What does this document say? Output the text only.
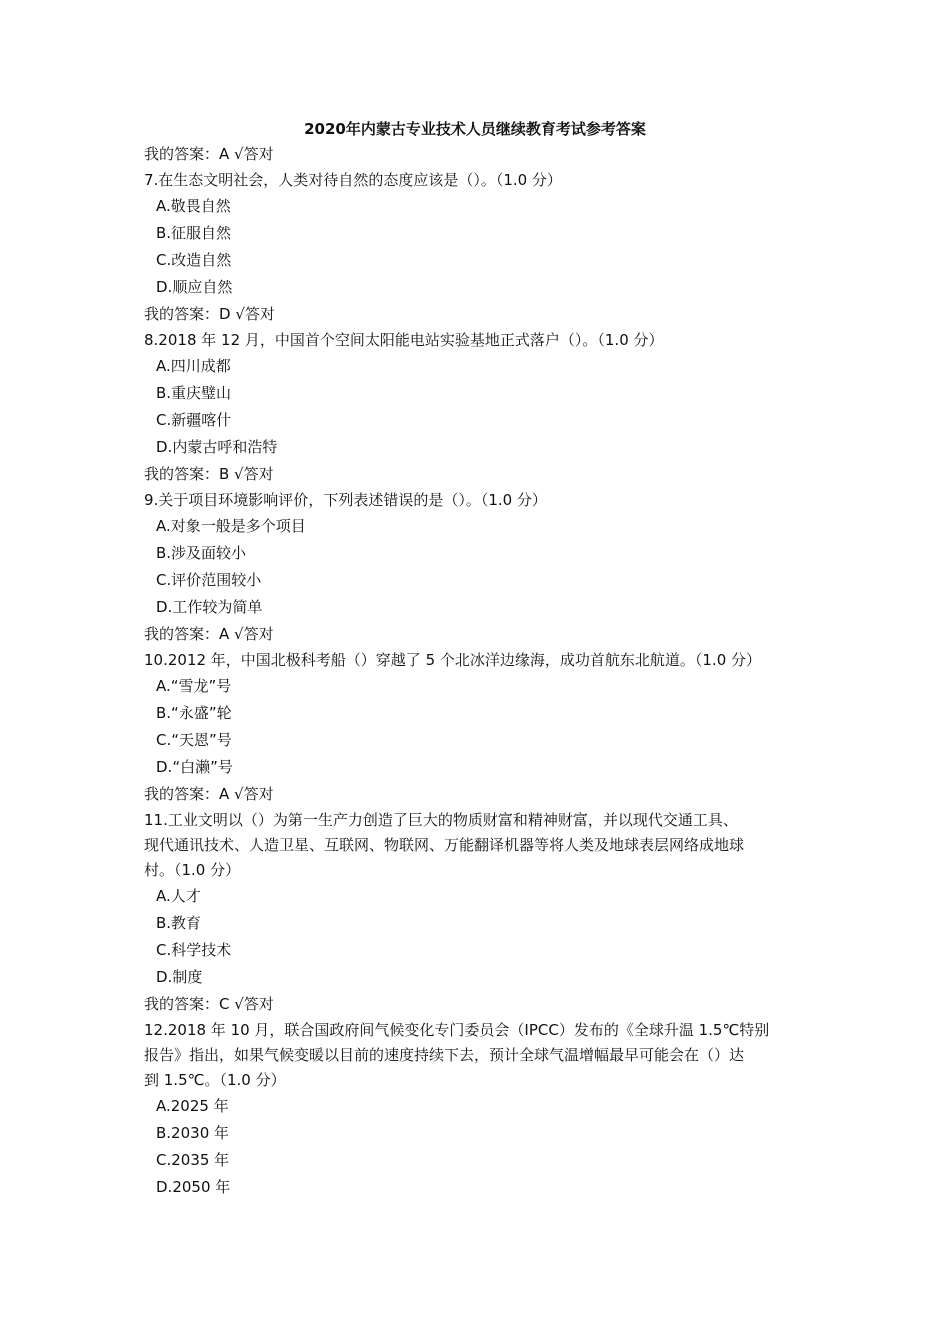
2020年内蒙古专业技术人员继续教育考试参考答案
我的答案：A √答对
7.在生态文明社会，人类对待自然的态度应该是（）。（1.0 分）
A.敬畏自然
B.征服自然
C.改造自然
D.顺应自然
我的答案：D √答对
8.2018 年 12 月，中国首个空间太阳能电站实验基地正式落户（）。（1.0 分）
A.四川成都
B.重庆璧山
C.新疆喀什
D.内蒙古呼和浩特
我的答案：B √答对
9.关于项目环境影响评价，下列表述错误的是（）。（1.0 分）
A.对象一般是多个项目
B.涉及面较小
C.评价范围较小
D.工作较为简单
我的答案：A √答对
10.2012 年，中国北极科考船（）穿越了 5 个北冰洋边缘海，成功首航东北航道。（1.0 分）
A.“雪龙”号
B.“永盛”轮
C.“天恩”号
D.“白濑”号
我的答案：A √答对
11.工业文明以（）为第一生产力创造了巨大的物质财富和精神财富，并以现代交通工具、
现代通讯技术、人造卫星、互联网、物联网、万能翻译机器等将人类及地球表层网络成地球
村。（1.0 分）
A.人才
B.教育
C.科学技术
D.制度
我的答案：C √答对
12.2018 年 10 月，联合国政府间气候变化专门委员会（IPCC）发布的《全球升温 1.5℃特别
报告》指出，如果气候变暖以目前的速度持续下去，预计全球气温增幅最早可能会在（）达
到 1.5℃。（1.0 分）
A.2025 年
B.2030 年
C.2035 年
D.2050 年
